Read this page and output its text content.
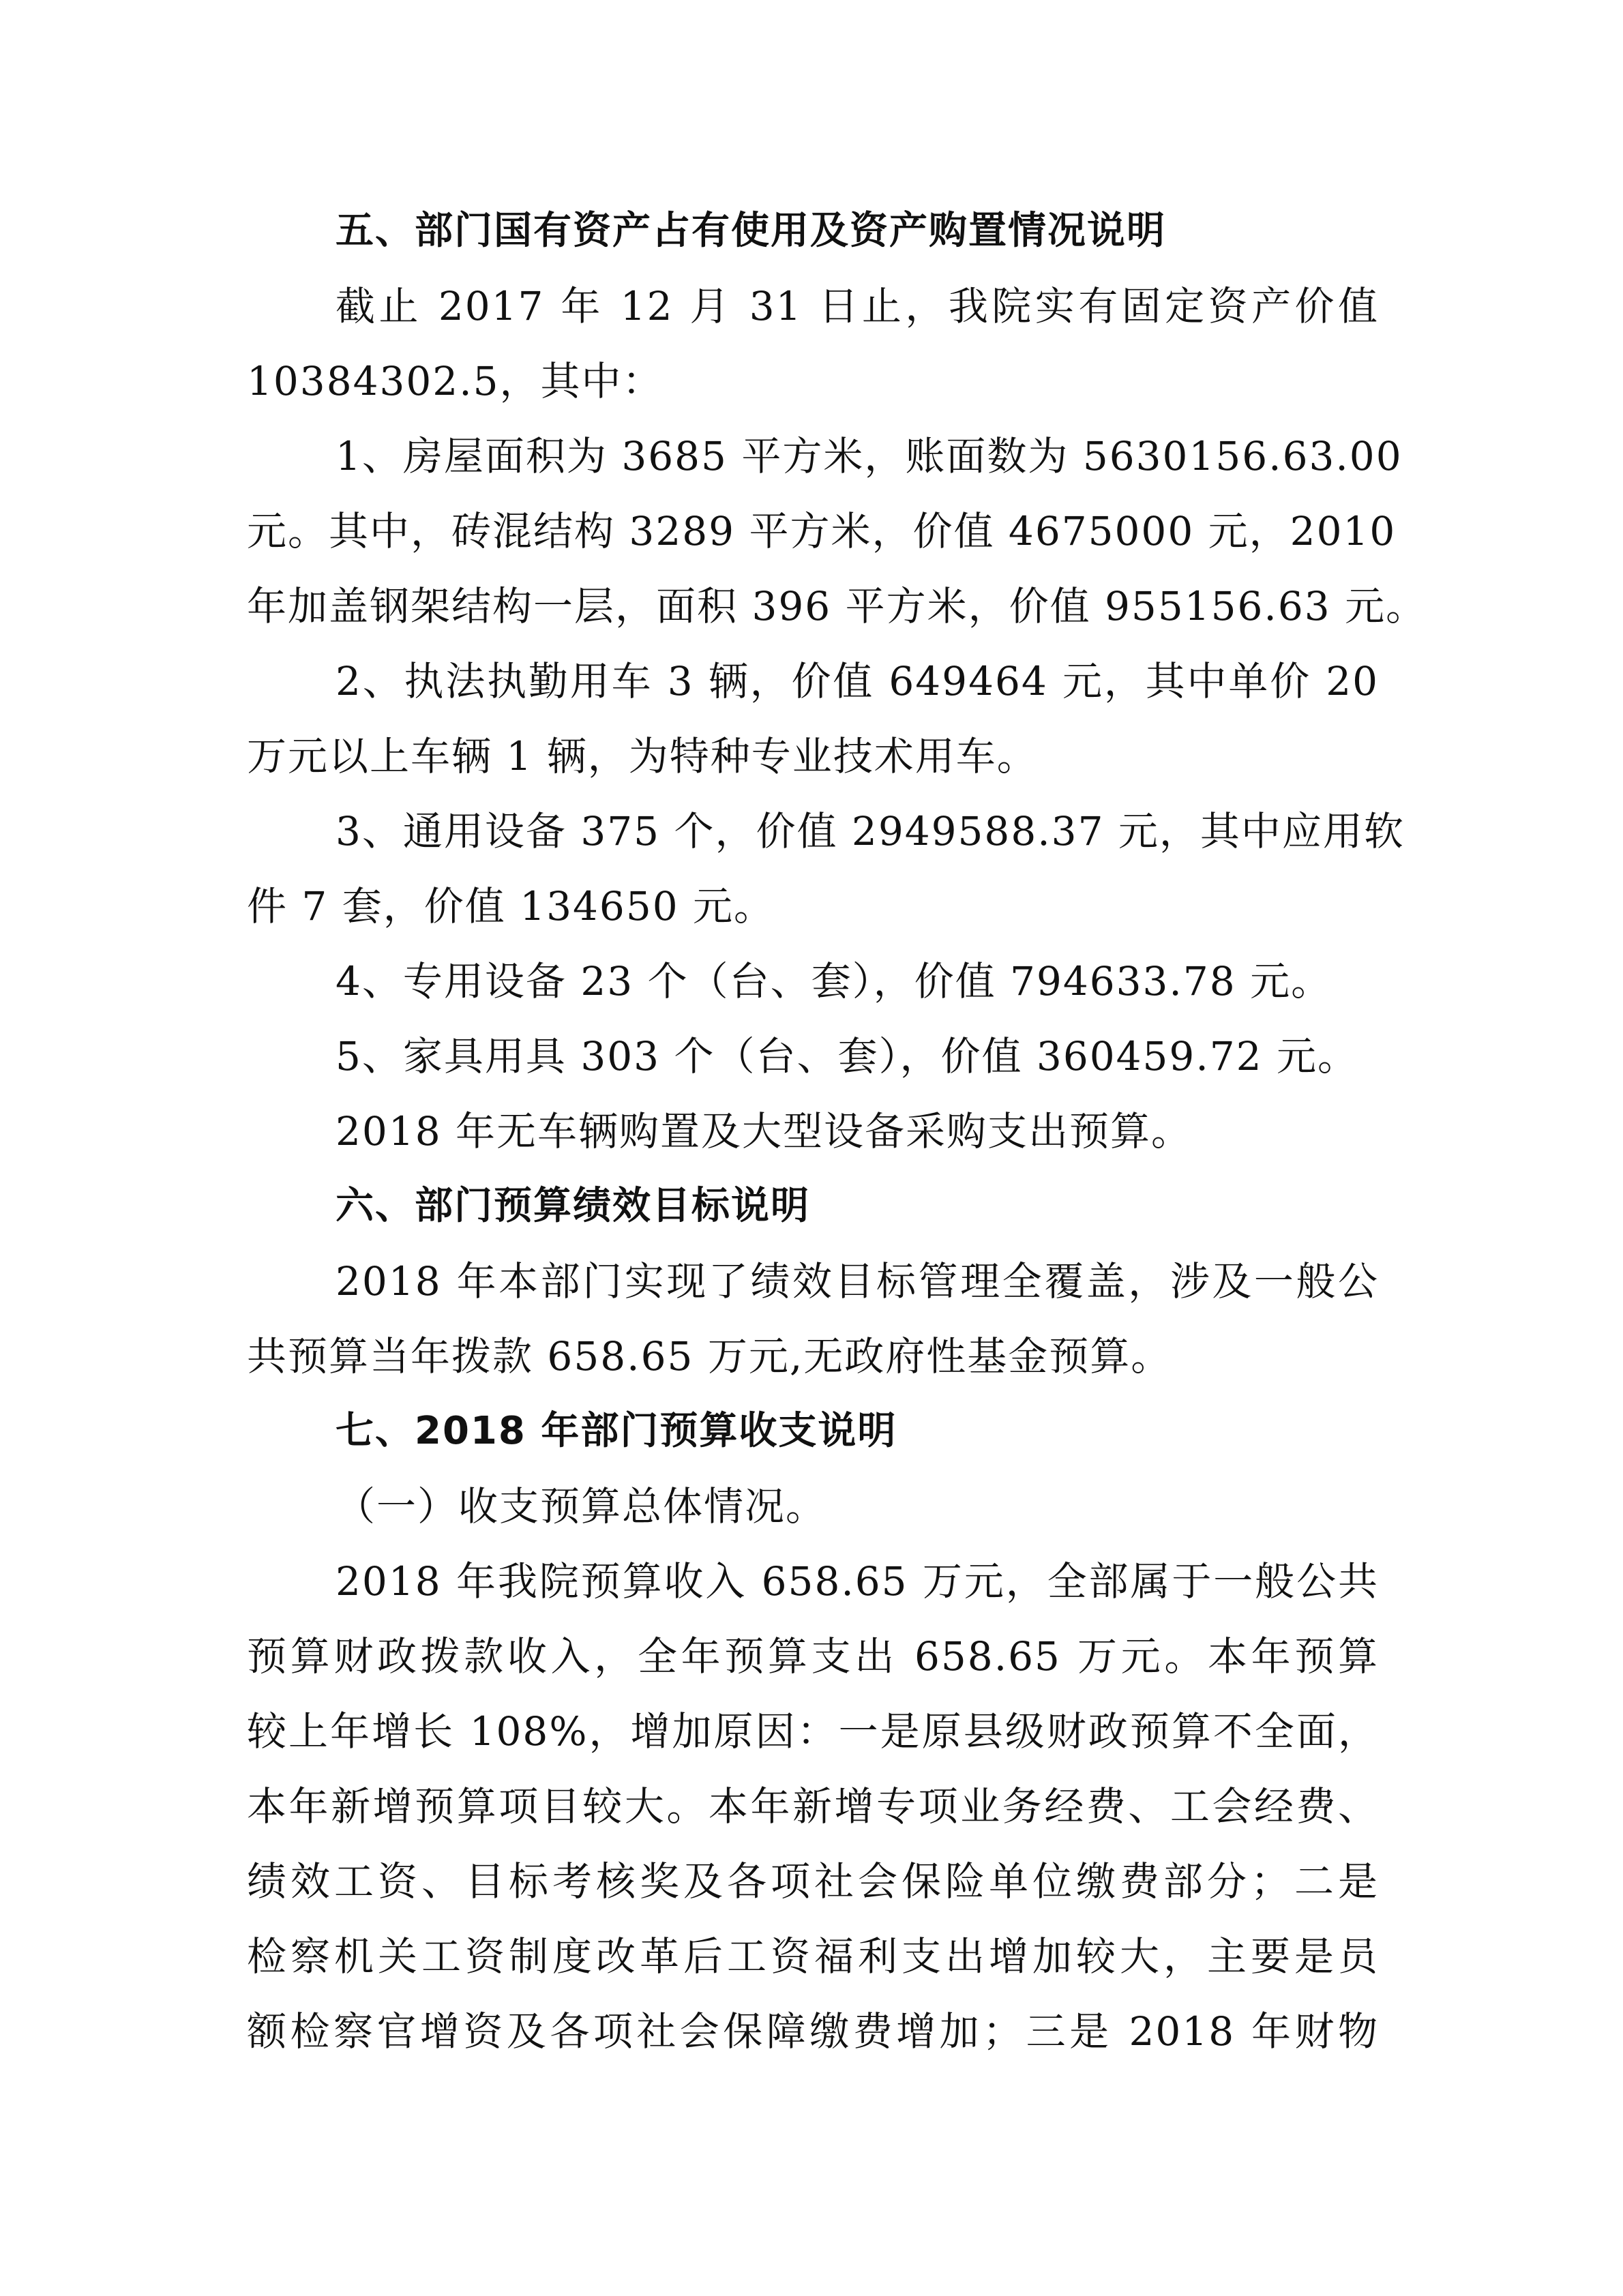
五、部门国有资产占有使用及资产购置情况说明
截止 2017 年 12 月 31 日止，我院实有固定资产价值
10384302.5，其中：
1、房屋面积为 3685 平方米，账面数为 5630156.63.00
元。其中，砖混结构 3289 平方米，价值 4675000 元，2010
年加盖钢架结构一层，面积 396 平方米，价值 955156.63 元。
2、执法执勤用车 3 辆，价值 649464 元，其中单价 20
万元以上车辆 1 辆，为特种专业技术用车。
3、通用设备 375 个，价值 2949588.37 元，其中应用软
件 7 套，价值 134650 元。
4、专用设备 23 个（台、套），价值 794633.78 元。
5、家具用具 303 个（台、套），价值 360459.72 元。
2018 年无车辆购置及大型设备采购支出预算。
六、部门预算绩效目标说明
2018 年本部门实现了绩效目标管理全覆盖，涉及一般公
共预算当年拨款 658.65 万元,无政府性基金预算。
七、2018 年部门预算收支说明
（一）收支预算总体情况。
2018 年我院预算收入 658.65 万元，全部属于一般公共
预算财政拨款收入，全年预算支出 658.65 万元。本年预算
较上年增长 108%，增加原因：一是原县级财政预算不全面，
本年新增预算项目较大。本年新增专项业务经费、工会经费、
绩效工资、目标考核奖及各项社会保险单位缴费部分；二是
检察机关工资制度改革后工资福利支出增加较大，主要是员
额检察官增资及各项社会保障缴费增加；三是 2018 年财物
